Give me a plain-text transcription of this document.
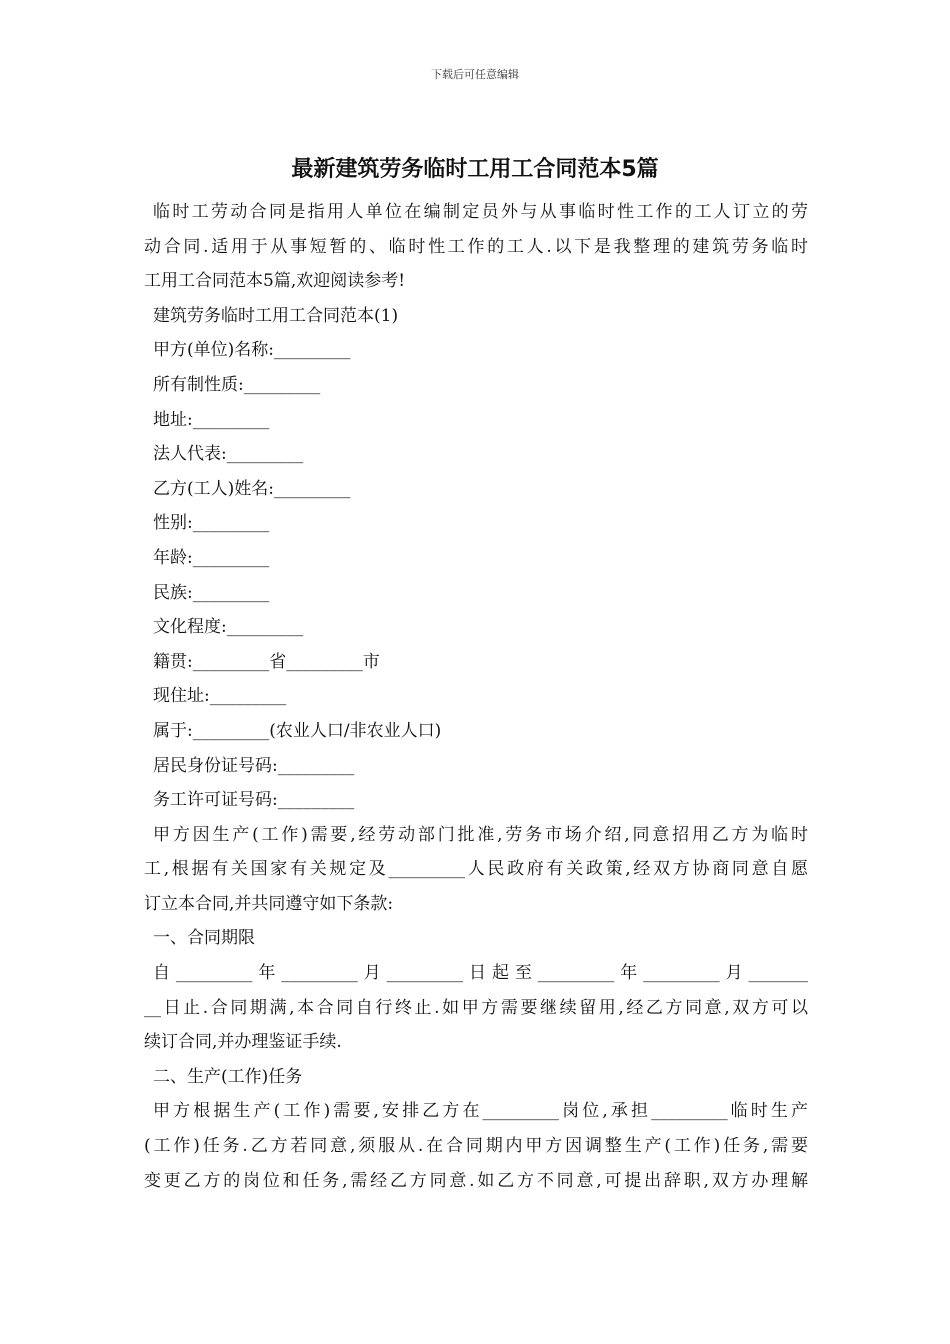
下载后可任意编辑
最新建筑劳务临时工用工合同范本5篇
临时工劳动合同是指用人单位在编制定员外与从事临时性工作的工人订立的劳
动合同.适用于从事短暂的、临时性工作的工人.以下是我整理的建筑劳务临时
工用工合同范本5篇,欢迎阅读参考!
建筑劳务临时工用工合同范本(1)
甲方(单位)名称:_________
所有制性质:_________
地址:_________
法人代表:_________
乙方(工人)姓名:_________
性别:_________
年龄:_________
民族:_________
文化程度:_________
籍贯:_________省_________市
现住址:_________
属于:_________(农业人口/非农业人口)
居民身份证号码:_________
务工许可证号码:_________
甲方因生产(工作)需要,经劳动部门批准,劳务市场介绍,同意招用乙方为临时
工,根据有关国家有关规定及_________人民政府有关政策,经双方协商同意自愿
订立本合同,并共同遵守如下条款:
一、合同期限
自_________年_________月_________日起至_________年_________月_______
__日止.合同期满,本合同自行终止.如甲方需要继续留用,经乙方同意,双方可以
续订合同,并办理鉴证手续.
二、生产(工作)任务
甲方根据生产(工作)需要,安排乙方在_________岗位,承担_________临时生产
(工作)任务.乙方若同意,须服从.在合同期内甲方因调整生产(工作)任务,需要
变更乙方的岗位和任务,需经乙方同意.如乙方不同意,可提出辞职,双方办理解
